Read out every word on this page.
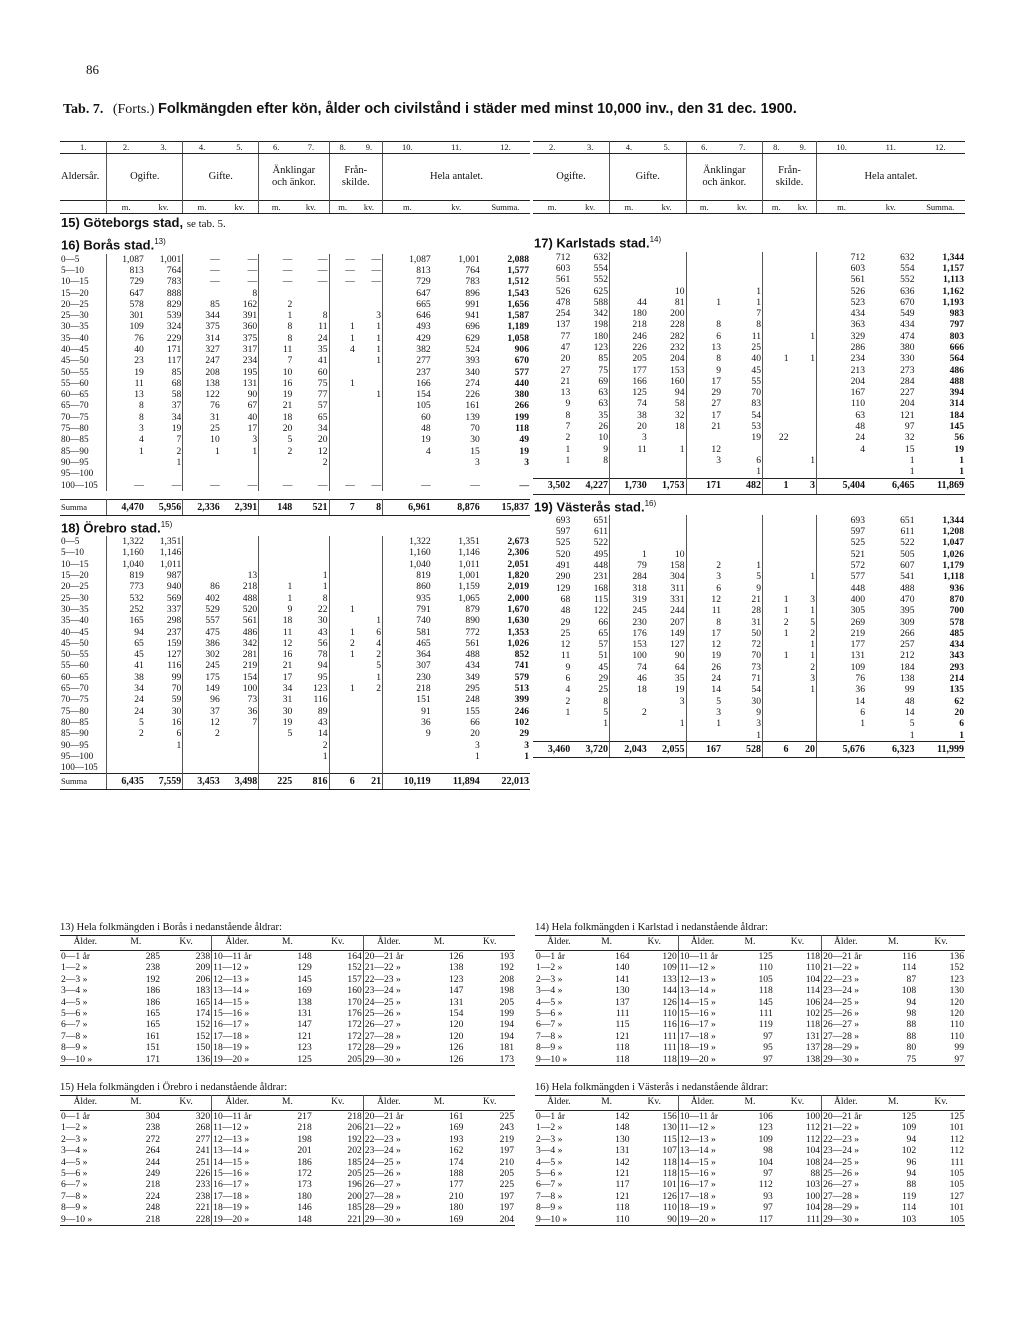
86
Tab. 7. (Forts.) Folkmängden efter kön, ålder och civilstånd i städer med minst 10,000 inv., den 31 dec. 1900.
1.	2.	3.	4.	5.	6.	7.	8.	9.	10.	11.	12.
Aldersår.	Ogifte.		Gifte.		Änklingar
och änkor.		Från-
skilde.		Hela antalet.		
	m.	kv.	m.	kv.	m.	kv.	m.	kv.	m.	kv.	Summa.
15) Göteborgs stad, se tab. 5.											
16) Borås stad.$^{13)}$
0—5	1,087	1,001	—	—	—	—	—	—	1,087	1,001	2,088
5—10	813	764	—	—	—	—	—	—	813	764	1,577
10—15	729	783	—	—	—	—	—	—	729	783	1,512
15—20	647	888		8					647	896	1,543
20—25	578	829	85	162	2				665	991	1,656
25—30	301	539	344	391	1	8		3	646	941	1,587
30—35	109	324	375	360	8	11	1	1	493	696	1,189
35—40	76	229	314	375	8	24	1	1	429	629	1,058
40—45	40	171	327	317	11	35	4	1	382	524	906
45—50	23	117	247	234	7	41		1	277	393	670
50—55	19	85	208	195	10	60			237	340	577
55—60	11	68	138	131	16	75	1		166	274	440
60—65	13	58	122	90	19	77		1	154	226	380
65—70	8	37	76	67	21	57			105	161	266
70—75	8	34	31	40	18	65			60	139	199
75—80	3	19	25	17	20	34			48	70	118
80—85	4	7	10	3	5	20			19	30	49
85—90	1	2	1	1	2	12			4	15	19
90—95		1				2				3	3
95—100											
100—105	—	—	—	—	—	—	—	—	—	—	—

Summa	4,470	5,956	2,336	2,391	148	521	7	8	6,961	8,876	15,837
18) Örebro stad.$^{15)}$
0—5	1,322	1,351							1,322	1,351	2,673
5—10	1,160	1,146							1,160	1,146	2,306
10—15	1,040	1,011							1,040	1,011	2,051
15—20	819	987		13		1			819	1,001	1,820
20—25	773	940	86	218	1	1			860	1,159	2,019
25—30	532	569	402	488	1	8			935	1,065	2,000
30—35	252	337	529	520	9	22	1		791	879	1,670
35—40	165	298	557	561	18	30		1	740	890	1,630
40—45	94	237	475	486	11	43	1	6	581	772	1,353
45—50	65	159	386	342	12	56	2	4	465	561	1,026
50—55	45	127	302	281	16	78	1	2	364	488	852
55—60	41	116	245	219	21	94		5	307	434	741
60—65	38	99	175	154	17	95		1	230	349	579
65—70	34	70	149	100	34	123	1	2	218	295	513
70—75	24	59	96	73	31	116			151	248	399
75—80	24	30	37	36	30	89			91	155	246
80—85	5	16	12	7	19	43			36	66	102
85—90	2	6	2		5	14			9	20	29
90—95		1				2				3	3
95—100						1				1	1
100—105											
Summa	6,435	7,559	3,453	3,498	225	816	6	21	10,119	11,894	22,013
2.	3.	4.	5.	6.	7.	8.	9.	10.	11.	12.
Ogifte.		Gifte.		Änklingar
och änkor.		Från-
skilde.		Hela antalet.		
m.	kv.	m.	kv.	m.	kv.	m.	kv.	m.	kv.	Summa.

17) Karlstads stad.$^{14)}$
712	632							712	632	1,344
603	554							603	554	1,157
561	552							561	552	1,113
526	625		10		1			526	636	1,162
478	588	44	81	1	1			523	670	1,193
254	342	180	200		7			434	549	983
137	198	218	228	8	8			363	434	797
77	180	246	282	6	11		1	329	474	803
47	123	226	232	13	25			286	380	666
20	85	205	204	8	40	1	1	234	330	564
27	75	177	153	9	45			213	273	486
21	69	166	160	17	55			204	284	488
13	63	125	94	29	70			167	227	394
9	63	74	58	27	83			110	204	314
8	35	38	32	17	54			63	121	184
7	26	20	18	21	53			48	97	145
2	10	3			19	22		24	32	56
1	9	11	1	12				4	15	19
1	8			3	6		1		1	1
					1				1	1

3,502	4,227	1,730	1,753	171	482	1	3	5,404	6,465	11,869
19) Västerås stad.$^{16)}$
693	651							693	651	1,344
597	611							597	611	1,208
525	522							525	522	1,047
520	495	1	10					521	505	1,026
491	448	79	158	2	1			572	607	1,179
290	231	284	304	3	5		1	577	541	1,118
129	168	318	311	6	9			448	488	936
68	115	319	331	12	21	1	3	400	470	870
48	122	245	244	11	28	1	1	305	395	700
29	66	230	207	8	31	2	5	269	309	578
25	65	176	149	17	50	1	2	219	266	485
12	57	153	127	12	72		1	177	257	434
11	51	100	90	19	70	1	1	131	212	343
9	45	74	64	26	73		2	109	184	293
6	29	46	35	24	71		3	76	138	214
4	25	18	19	14	54		1	36	99	135
2	8		3	5	30			14	48	62
1	5	2		3	9			6	14	20
	1		1	1	3			1	5	6

					1				1	1
3,460	3,720	2,043	2,055	167	528	6	20	5,676	6,323	11,999
13) Hela folkmängden i Borås i nedanstående åldrar:
Ålder.	M.	Kv.	Ålder.	M.	Kv.	Ålder.	M.	Kv.
0—1 år	285	238	10—11 år	148	164	20—21 år	126	193
1—2 »	238	209	11—12 »	129	152	21—22 »	138	192
2—3 »	192	206	12—13 »	145	157	22—23 »	123	208
3—4 »	186	183	13—14 »	169	160	23—24 »	147	198
4—5 »	186	165	14—15 »	138	170	24—25 »	131	205
5—6 »	165	174	15—16 »	131	176	25—26 »	154	199
6—7 »	165	152	16—17 »	147	172	26—27 »	120	194
7—8 »	161	152	17—18 »	121	172	27—28 »	120	194
8—9 »	151	150	18—19 »	123	172	28—29 »	126	181
9—10 »	171	136	19—20 »	125	205	29—30 »	126	173
14) Hela folkmängden i Karlstad i nedanstående åldrar:
Ålder.	M.	Kv.	Ålder.	M.	Kv.	Ålder.	M.	Kv.
0—1 år	164	120	10—11 år	125	118	20—21 år	116	136
1—2 »	140	109	11—12 »	110	110	21—22 »	114	152
2—3 »	141	133	12—13 »	105	104	22—23 »	87	123
3—4 »	130	144	13—14 »	118	114	23—24 »	108	130
4—5 »	137	126	14—15 »	145	106	24—25 »	94	120
5—6 »	111	110	15—16 »	111	102	25—26 »	98	120
6—7 »	115	116	16—17 »	119	118	26—27 »	88	110
7—8 »	121	111	17—18 »	97	131	27—28 »	88	110
8—9 »	118	111	18—19 »	95	137	28—29 »	80	99
9—10 »	118	118	19—20 »	97	138	29—30 »	75	97
15) Hela folkmängden i Örebro i nedanstående åldrar:
Ålder.	M.	Kv.	Ålder.	M.	Kv.	Ålder.	M.	Kv.
0—1 år	304	320	10—11 år	217	218	20—21 år	161	225
1—2 »	238	268	11—12 »	218	206	21—22 »	169	243
2—3 »	272	277	12—13 »	198	192	22—23 »	193	219
3—4 »	264	241	13—14 »	201	202	23—24 »	162	197
4—5 »	244	251	14—15 »	186	185	24—25 »	174	210
5—6 »	249	226	15—16 »	172	205	25—26 »	188	205
6—7 »	218	233	16—17 »	173	196	26—27 »	177	225
7—8 »	224	238	17—18 »	180	200	27—28 »	210	197
8—9 »	248	221	18—19 »	146	185	28—29 »	180	197
9—10 »	218	228	19—20 »	148	221	29—30 »	169	204
16) Hela folkmängden i Västerås i nedanstående åldrar:
Ålder.	M.	Kv.	Ålder.	M.	Kv.	Ålder.	M.	Kv.
0—1 år	142	156	10—11 år	106	100	20—21 år	125	125
1—2 »	148	130	11—12 »	123	112	21—22 »	109	101
2—3 »	130	115	12—13 »	109	112	22—23 »	94	112
3—4 »	131	107	13—14 »	98	104	23—24 »	102	112
4—5 »	142	118	14—15 »	104	108	24—25 »	96	111
5—6 »	121	118	15—16 »	97	88	25—26 »	94	105
6—7 »	117	101	16—17 »	112	103	26—27 »	88	105
7—8 »	121	126	17—18 »	93	100	27—28 »	119	127
8—9 »	118	110	18—19 »	97	104	28—29 »	114	101
9—10 »	110	90	19—20 »	117	111	29—30 »	103	105
